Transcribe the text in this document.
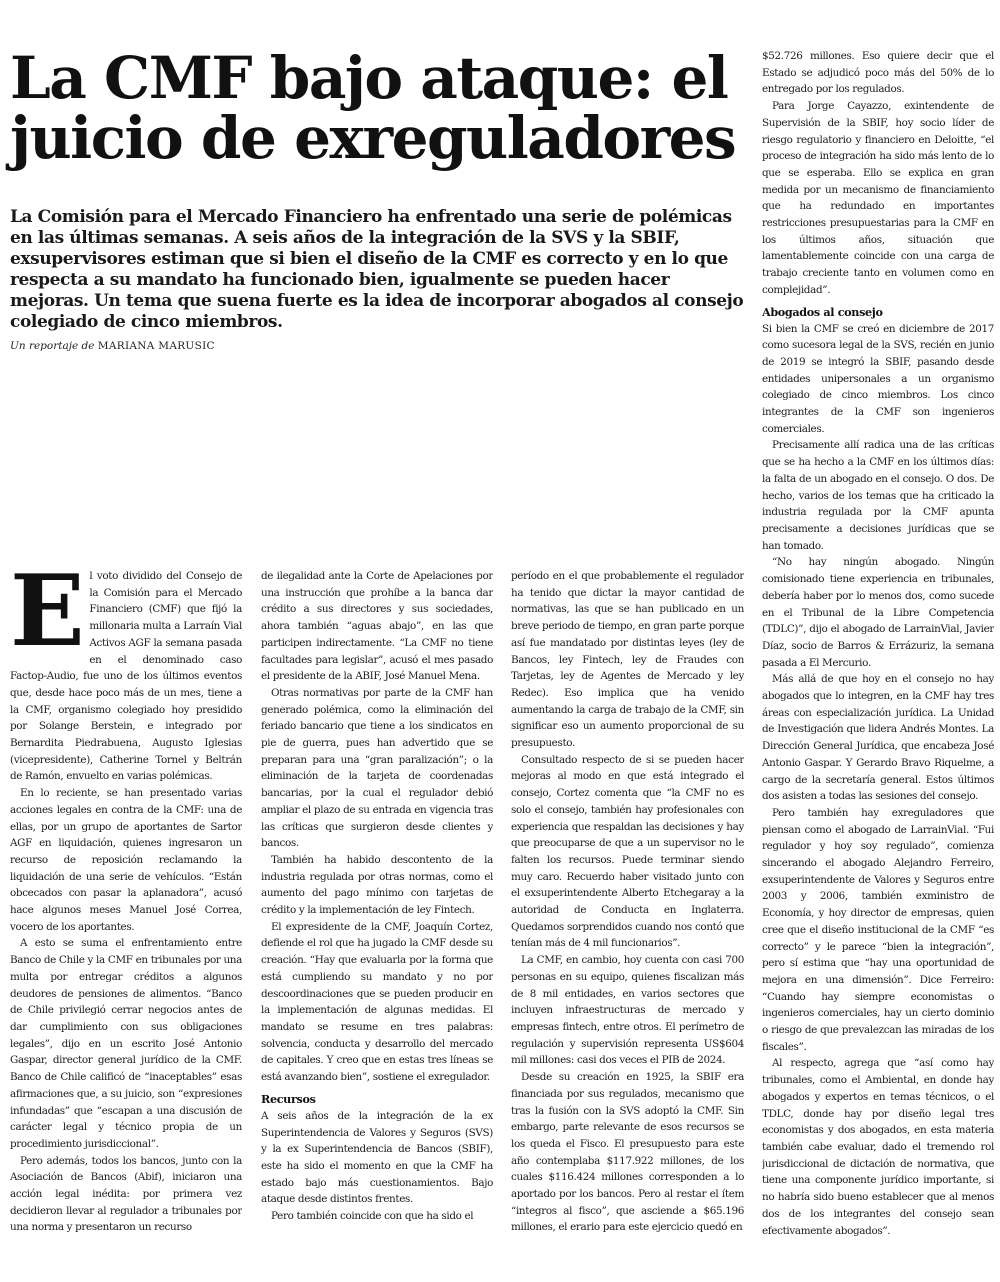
La CMF bajo ataque: el juicio de exreguladores

La Comisión para el Mercado Financiero ha enfrentado una serie de polémicas en las últimas semanas. A seis años de la integración de la SVS y la SBIF, exsupervisores estiman que si bien el diseño de la CMF es correcto y en lo que respecta a su mandato ha funcionado bien, igualmente se pueden hacer mejoras. Un tema que suena fuerte es la idea de incorporar abogados al consejo colegiado de cinco miembros.

Un reportaje de MARIANA MARUSIC

E l voto dividido del Consejo de la Comisión para el Mercado Financiero (CMF) que fijó la millonaria multa a Larraín Vial Activos AGF la semana pasada en el denominado caso Factop-Audio, fue uno de los últimos eventos que, desde hace poco más de un mes, tiene a la CMF, organismo colegiado hoy presidido por Solange Berstein, e integrado por Bernardita Piedrabuena, Augusto Iglesias (vicepresidente), Catherine Tornel y Beltrán de Ramón, envuelto en varias polémicas.

En lo reciente, se han presentado varias acciones legales en contra de la CMF: una de ellas, por un grupo de aportantes de Sartor AGF en liquidación, quienes ingresaron un recurso de reposición reclamando la liquidación de una serie de vehículos. “Están obcecados con pasar la aplanadora”, acusó hace algunos meses Manuel José Correa, vocero de los aportantes.

A esto se suma el enfrentamiento entre Banco de Chile y la CMF en tribunales por una multa por entregar créditos a algunos deudores de pensiones de alimentos. “Banco de Chile privilegió cerrar negocios antes de dar cumplimiento con sus obligaciones legales”, dijo en un escrito José Antonio Gaspar, director general jurídico de la CMF. Banco de Chile calificó de “inaceptables” esas afirmaciones que, a su juicio, son “expresiones infundadas” que “escapan a una discusión de carácter legal y técnico propia de un procedimiento jurisdiccional”.

Pero además, todos los bancos, junto con la Asociación de Bancos (Abif), iniciaron una acción legal inédita: por primera vez decidieron llevar al regulador a tribunales por una norma y presentaron un recurso

de ilegalidad ante la Corte de Apelaciones por una instrucción que prohíbe a la banca dar crédito a sus directores y sus sociedades, ahora también “aguas abajo”, en las que participen indirectamente. “La CMF no tiene facultades para legislar”, acusó el mes pasado el presidente de la ABIF, José Manuel Mena.

Otras normativas por parte de la CMF han generado polémica, como la eliminación del feriado bancario que tiene a los sindicatos en pie de guerra, pues han advertido que se preparan para una “gran paralización”; o la eliminación de la tarjeta de coordenadas bancarias, por la cual el regulador debió ampliar el plazo de su entrada en vigencia tras las críticas que surgieron desde clientes y bancos.

También ha habido descontento de la industria regulada por otras normas, como el aumento del pago mínimo con tarjetas de crédito y la implementación de ley Fintech.

El expresidente de la CMF, Joaquín Cortez, defiende el rol que ha jugado la CMF desde su creación. “Hay que evaluarla por la forma que está cumpliendo su mandato y no por descoordinaciones que se pueden producir en la implementación de algunas medidas. El mandato se resume en tres palabras: solvencia, conducta y desarrollo del mercado de capitales. Y creo que en estas tres líneas se está avanzando bien”, sostiene el exregulador.

Recursos

A seis años de la integración de la ex Superintendencia de Valores y Seguros (SVS) y la ex Superintendencia de Bancos (SBIF), este ha sido el momento en que la CMF ha estado bajo más cuestionamientos. Bajo ataque desde distintos frentes.

Pero también coincide con que ha sido el

período en el que probablemente el regulador ha tenido que dictar la mayor cantidad de normativas, las que se han publicado en un breve periodo de tiempo, en gran parte porque así fue mandatado por distintas leyes (ley de Bancos, ley Fintech, ley de Fraudes con Tarjetas, ley de Agentes de Mercado y ley Redec). Eso implica que ha venido aumentando la carga de trabajo de la CMF, sin significar eso un aumento proporcional de su presupuesto.

Consultado respecto de si se pueden hacer mejoras al modo en que está integrado el consejo, Cortez comenta que “la CMF no es solo el consejo, también hay profesionales con experiencia que respaldan las decisiones y hay que preocuparse de que a un supervisor no le falten los recursos. Puede terminar siendo muy caro. Recuerdo haber visitado junto con el exsuperintendente Alberto Etchegaray a la autoridad de Conducta en Inglaterra. Quedamos sorprendidos cuando nos contó que tenían más de 4 mil funcionarios”.

La CMF, en cambio, hoy cuenta con casi 700 personas en su equipo, quienes fiscalizan más de 8 mil entidades, en varios sectores que incluyen infraestructuras de mercado y empresas fintech, entre otros. El perímetro de regulación y supervisión representa US$604 mil millones: casi dos veces el PIB de 2024.

Desde su creación en 1925, la SBIF era financiada por sus regulados, mecanismo que tras la fusión con la SVS adoptó la CMF. Sin embargo, parte relevante de esos recursos se los queda el Fisco. El presupuesto para este año contemplaba $117.922 millones, de los cuales $116.424 millones corresponden a lo aportado por los bancos. Pero al restar el ítem “integros al fisco”, que asciende a $65.196 millones, el erario para este ejercicio quedó en

$52.726 millones. Eso quiere decir que el Estado se adjudicó poco más del 50% de lo entregado por los regulados.

Para Jorge Cayazzo, exintendente de Supervisión de la SBIF, hoy socio líder de riesgo regulatorio y financiero en Deloitte, “el proceso de integración ha sido más lento de lo que se esperaba. Ello se explica en gran medida por un mecanismo de financiamiento que ha redundado en importantes restricciones presupuestarias para la CMF en los últimos años, situación que lamentablemente coincide con una carga de trabajo creciente tanto en volumen como en complejidad”.

Abogados al consejo

Si bien la CMF se creó en diciembre de 2017 como sucesora legal de la SVS, recién en junio de 2019 se integró la SBIF, pasando desde entidades unipersonales a un organismo colegiado de cinco miembros. Los cinco integrantes de la CMF son ingenieros comerciales.

Precisamente allí radica una de las críticas que se ha hecho a la CMF en los últimos días: la falta de un abogado en el consejo. O dos. De hecho, varios de los temas que ha criticado la industria regulada por la CMF apunta precisamente a decisiones jurídicas que se han tomado.

“No hay ningún abogado. Ningún comisionado tiene experiencia en tribunales, debería haber por lo menos dos, como sucede en el Tribunal de la Libre Competencia (TDLC)”, dijo el abogado de LarrainVial, Javier Díaz, socio de Barros & Errázuriz, la semana pasada a El Mercurio.

Más allá de que hoy en el consejo no hay abogados que lo integren, en la CMF hay tres áreas con especialización jurídica. La Unidad de Investigación que lidera Andrés Montes. La Dirección General Jurídica, que encabeza José Antonio Gaspar. Y Gerardo Bravo Riquelme, a cargo de la secretaría general. Estos últimos dos asisten a todas las sesiones del consejo.

Pero también hay exreguladores que piensan como el abogado de LarrainVial. “Fui regulador y hoy soy regulado”, comienza sincerando el abogado Alejandro Ferreiro, exsuperintendente de Valores y Seguros entre 2003 y 2006, también exministro de Economía, y hoy director de empresas, quien cree que el diseño institucional de la CMF “es correcto” y le parece “bien la integración”, pero sí estima que “hay una oportunidad de mejora en una dimensión”. Dice Ferreiro: “Cuando hay siempre economistas o ingenieros comerciales, hay un cierto dominio o riesgo de que prevalezcan las miradas de los fiscales”.

Al respecto, agrega que “así como hay tribunales, como el Ambiental, en donde hay abogados y expertos en temas técnicos, o el TDLC, donde hay por diseño legal tres economistas y dos abogados, en esta materia también cabe evaluar, dado el tremendo rol jurisdiccional de dictación de normativa, que tiene una componente jurídico importante, si no habría sido bueno establecer que al menos dos de los integrantes del consejo sean efectivamente abogados”.
